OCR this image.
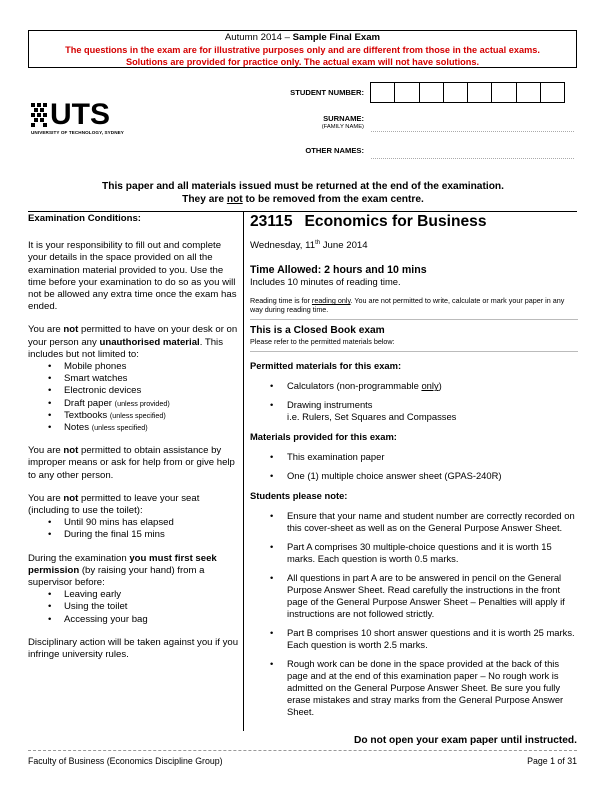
Autumn 2014 – Sample Final Exam
The questions in the exam are for illustrative purposes only and are different from those in the actual exams.
Solutions are provided for practice only. The actual exam will not have solutions.
UTS
UNIVERSITY OF TECHNOLOGY, SYDNEY
STUDENT NUMBER:
SURNAME:
(FAMILY NAME)
OTHER NAMES:
This paper and all materials issued must be returned at the end of the examination.
They are not to be removed from the exam centre.
Examination Conditions:

It is your responsibility to fill out and complete your details in the space provided on all the examination material provided to you. Use the time before your examination to do so as you will not be allowed any extra time once the exam has ended.

You are not permitted to have on your desk or on your person any unauthorised material. This includes but not limited to:

• Mobile phones
• Smart watches
• Electronic devices
• Draft paper (unless provided)
• Textbooks (unless specified)
• Notes (unless specified)

You are not permitted to obtain assistance by improper means or ask for help from or give help to any other person.

You are not permitted to leave your seat (including to use the toilet):

• Until 90 mins has elapsed
• During the final 15 mins

During the examination you must first seek permission (by raising your hand) from a supervisor before:

• Leaving early
• Using the toilet
• Accessing your bag

Disciplinary action will be taken against you if you infringe university rules.

23115 Economics for Business
Wednesday, 11th June 2014
Time Allowed: 2 hours and 10 mins
Includes 10 minutes of reading time.
Reading time is for reading only. You are not permitted to write, calculate or mark your paper in any way during reading time.
This is a Closed Book exam
Please refer to the permitted materials below:
Permitted materials for this exam:
• Calculators (non-programmable only)
• Drawing instruments
i.e. Rulers, Set Squares and Compasses
Materials provided for this exam:
• This examination paper
• One (1) multiple choice answer sheet (GPAS-240R)
Students please note:
• Ensure that your name and student number are correctly recorded on this cover-sheet as well as on the General Purpose Answer Sheet.
• Part A comprises 30 multiple-choice questions and it is worth 15 marks. Each question is worth 0.5 marks.
• All questions in part A are to be answered in pencil on the General Purpose Answer Sheet. Read carefully the instructions in the front page of the General Purpose Answer Sheet – Penalties will apply if instructions are not followed strictly.
• Part B comprises 10 short answer questions and it is worth 25 marks. Each question is worth 2.5 marks.
• Rough work can be done in the space provided at the back of this page and at the end of this examination paper – No rough work is admitted on the General Purpose Answer Sheet. Be sure you fully erase mistakes and stray marks from the General Purpose Answer Sheet.
Do not open your exam paper until instructed.
Faculty of Business (Economics Discipline Group)	Page 1 of 31
